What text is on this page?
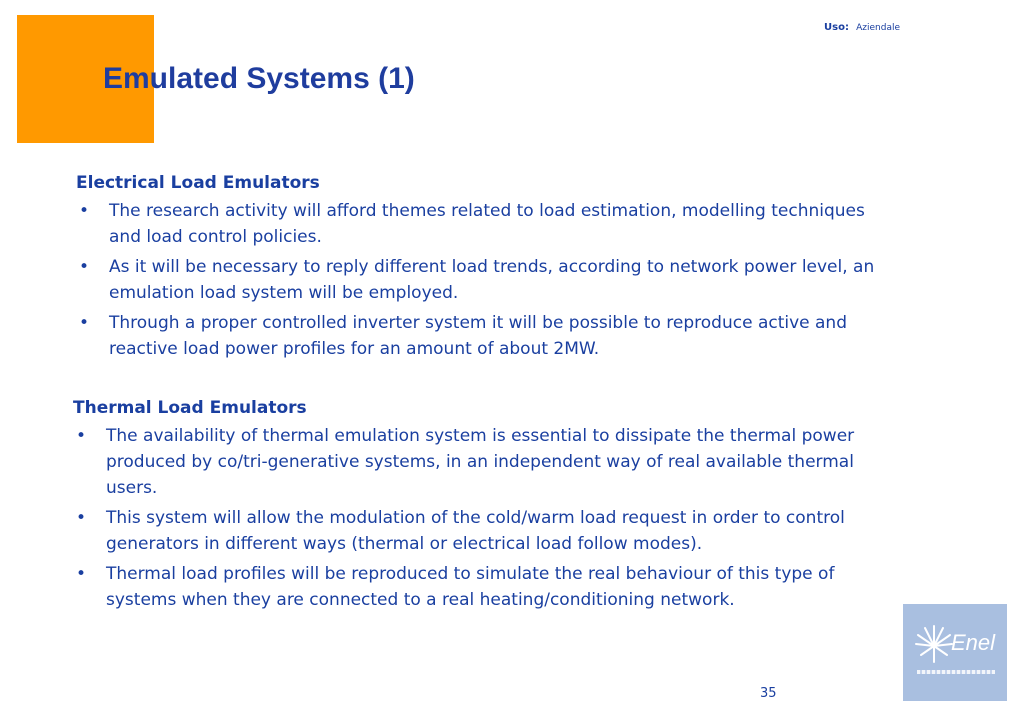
Emulated Systems (1)
Uso: Aziendale

Electrical Load Emulators

• The research activity will afford themes related to load estimation, modelling techniques and load control policies.
• As it will be necessary to reply different load trends, according to network power level, an emulation load system will be employed.
• Through a proper controlled inverter system it will be possible to reproduce active and reactive load power profiles for an amount of about 2MW.

Thermal Load Emulators

• The availability of thermal emulation system is essential to dissipate the thermal power produced by co/tri-generative systems, in an independent way of real available thermal users.
• This system will allow the modulation of the cold/warm load request in order to control generators in different ways (thermal or electrical load follow modes).
• Thermal load profiles will be reproduced to simulate the real behaviour of this type of systems when they are connected to a real heating/conditioning network.
Enel
35
